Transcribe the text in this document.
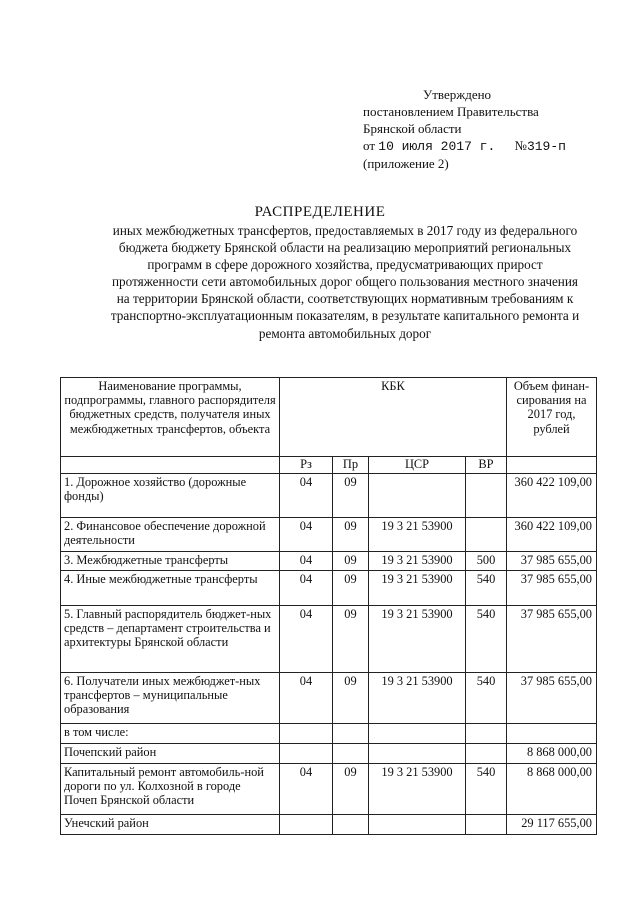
Утверждено
постановлением Правительства
Брянской области
от 10 июля 2017 г. №319-п
(приложение 2)
РАСПРЕДЕЛЕНИЕ
иных межбюджетных трансфертов, предоставляемых в 2017 году из федерального бюджета бюджету Брянской области на реализацию мероприятий региональных программ в сфере дорожного хозяйства, предусматривающих прирост протяженности сети автомобильных дорог общего пользования местного значения на территории Брянской области, соответствующих нормативным требованиям к транспортно-эксплуатационным показателям, в результате капитального ремонта и ремонта автомобильных дорог
Наименование программы, подпрограммы, главного распорядителя бюджетных средств, получателя иных межбюджетных трансфертов, объекта	КБК				Объем финан-сирования на 2017 год, рублей
	Рз	Пр	ЦСР	ВР	
1. Дорожное хозяйство (дорожные фонды)	04	09			360 422 109,00
2. Финансовое обеспечение дорожной деятельности	04	09	19 3 21 53900		360 422 109,00
3. Межбюджетные трансферты	04	09	19 3 21 53900	500	37 985 655,00
4. Иные межбюджетные трансферты	04	09	19 3 21 53900	540	37 985 655,00
5. Главный распорядитель бюджет-ных средств – департамент строительства и архитектуры Брянской области	04	09	19 3 21 53900	540	37 985 655,00
6. Получатели иных межбюджет-ных трансфертов – муниципальные образования	04	09	19 3 21 53900	540	37 985 655,00
в том числе:					
Почепский район					8 868 000,00
Капитальный ремонт автомобиль-ной дороги по ул. Колхозной в городе Почеп Брянской области	04	09	19 3 21 53900	540	8 868 000,00
Унечский район					29 117 655,00
